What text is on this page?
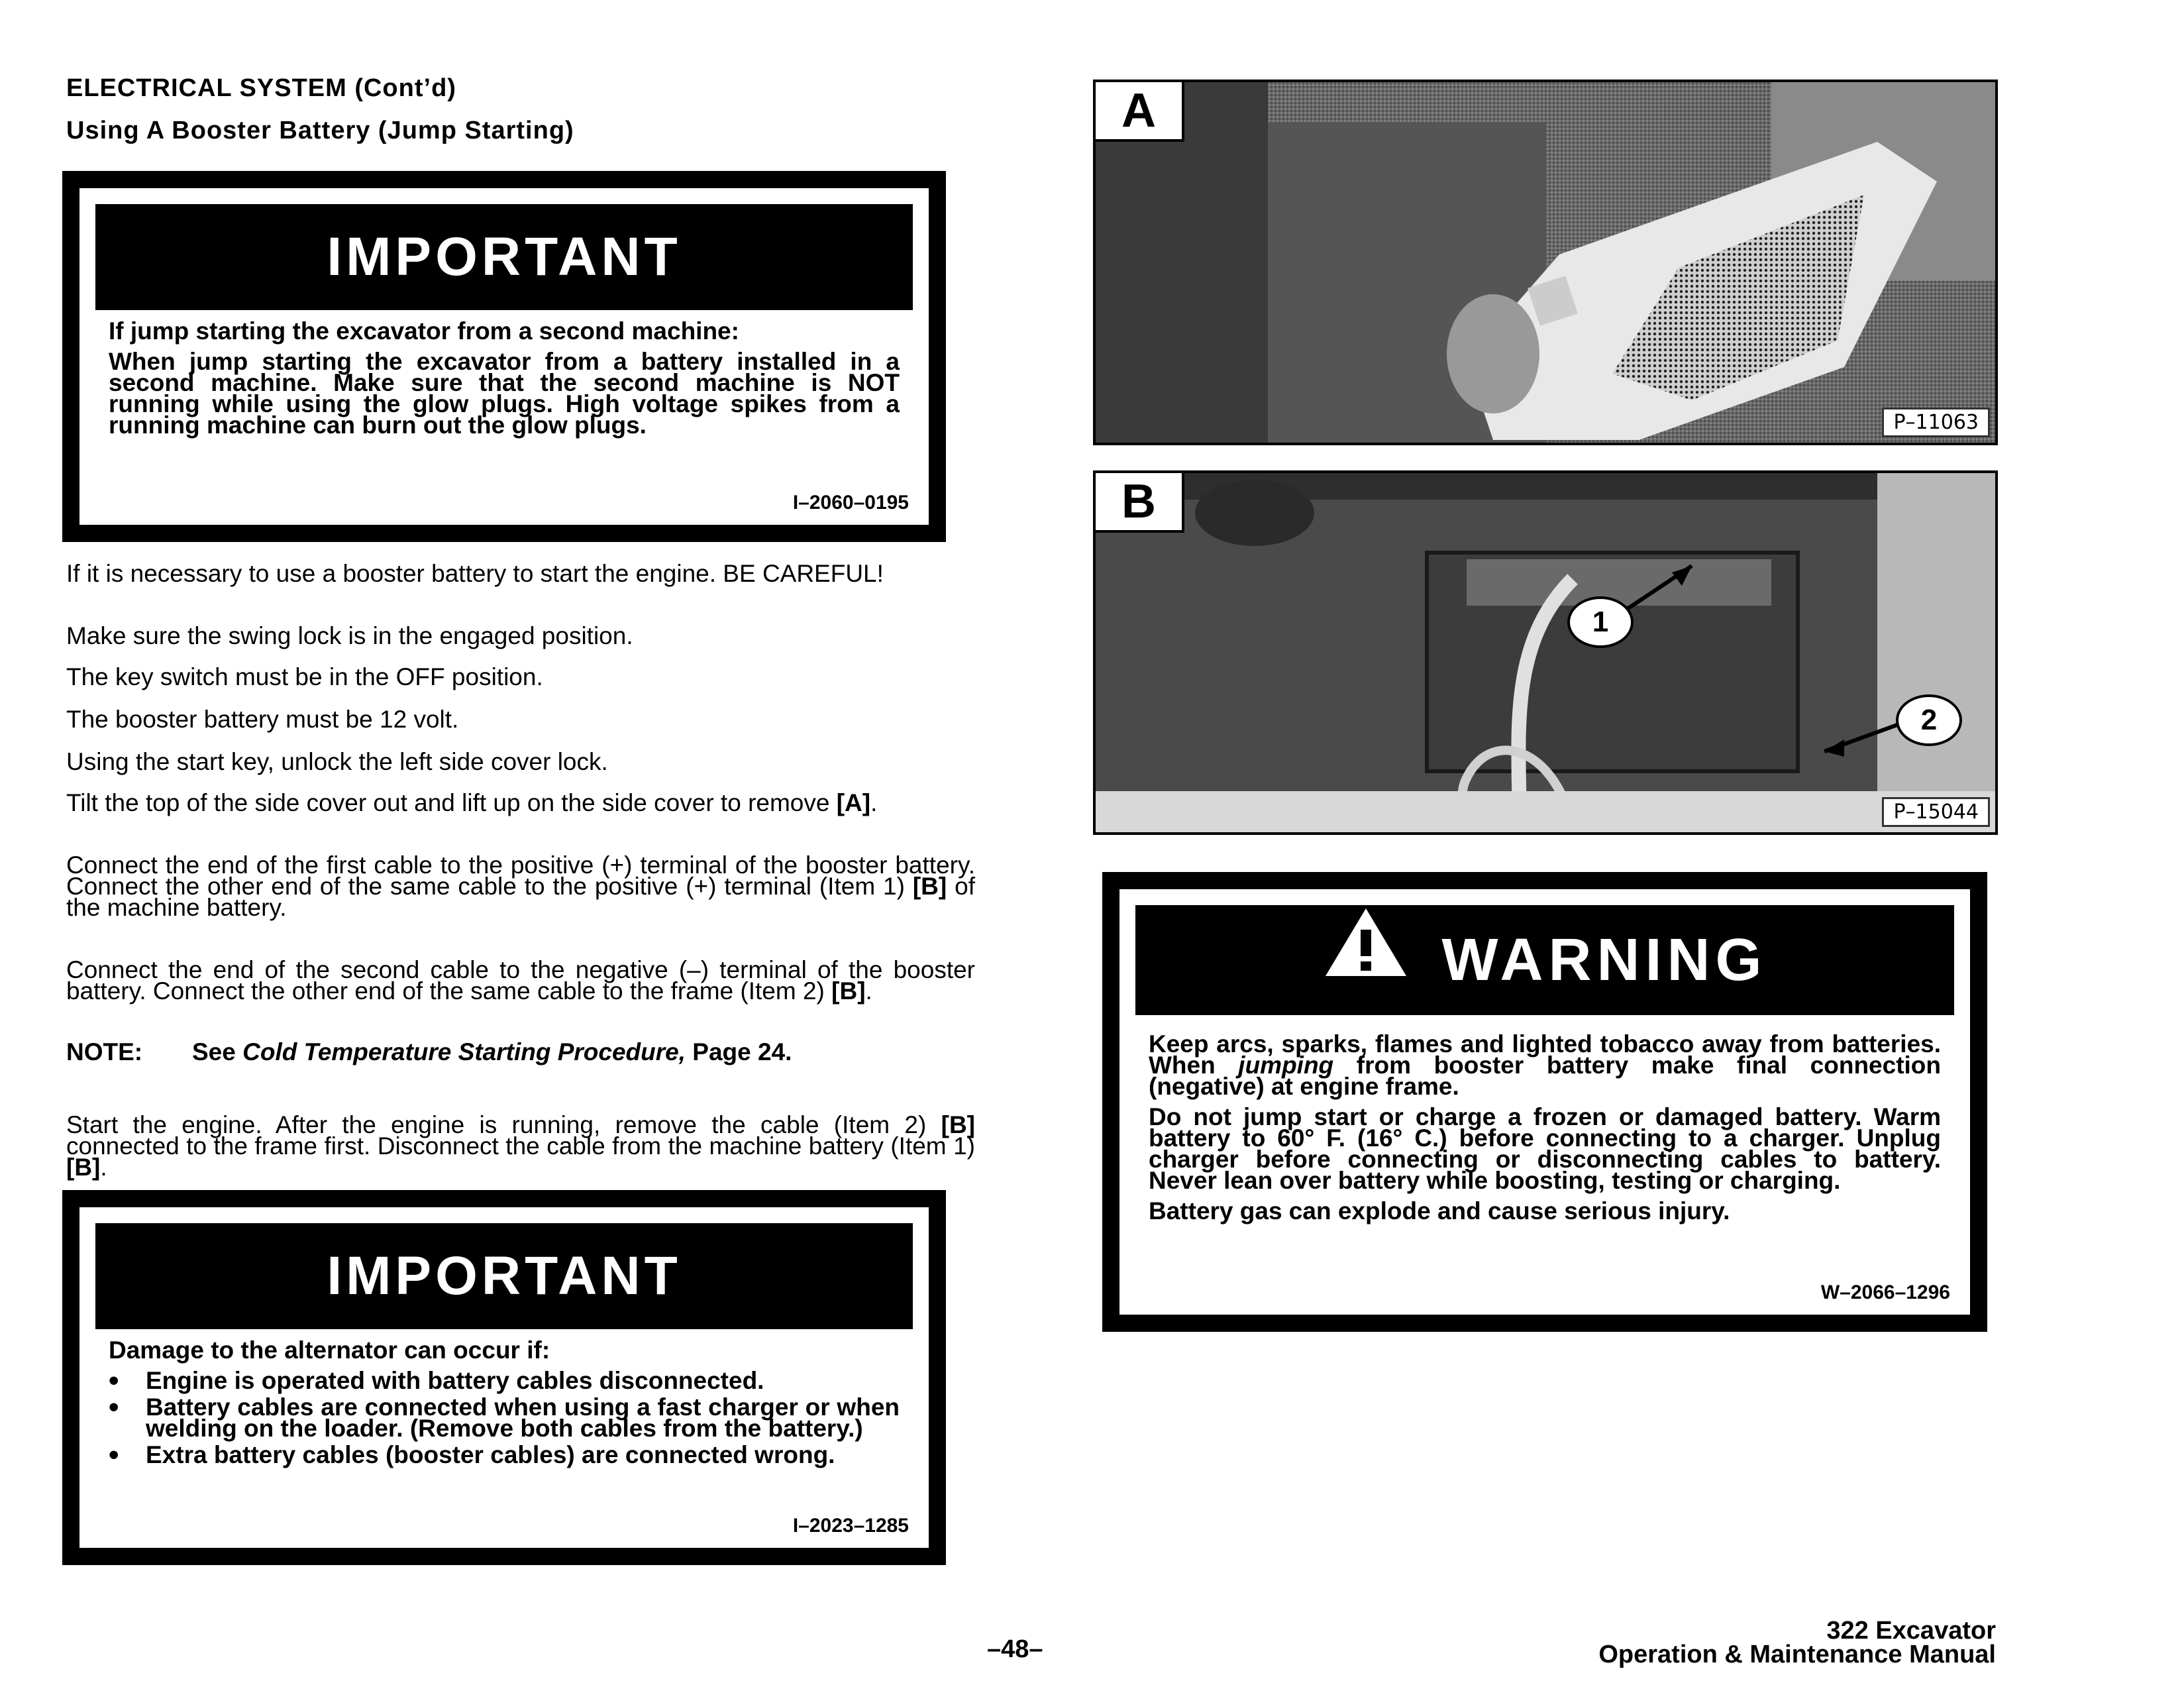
ELECTRICAL SYSTEM (Cont’d)
Using A Booster Battery (Jump Starting)
IMPORTANT

If jump starting the excavator from a second machine:

When jump starting the excavator from a battery installed in a second machine. Make sure that the second machine is NOT running while using the glow plugs. High voltage spikes from a running machine can burn out the glow plugs.

I–2060–0195

If it is necessary to use a booster battery to start the engine. BE CAREFUL!

Make sure the swing lock is in the engaged position.

The key switch must be in the OFF position.

The booster battery must be 12 volt.

Using the start key, unlock the left side cover lock.

Tilt the top of the side cover out and lift up on the side cover to remove [A].

Connect the end of the first cable to the positive (+) terminal of the booster battery. Connect the other end of the same cable to the positive (+) terminal (Item 1) [B] of the machine battery.

Connect the end of the second cable to the negative (–) terminal of the booster battery. Connect the other end of the same cable to the frame (Item 2) [B].

NOTE: See Cold Temperature Starting Procedure, Page 24.

Start the engine. After the engine is running, remove the cable (Item 2) [B] connected to the frame first. Disconnect the cable from the machine battery (Item 1) [B].

IMPORTANT

Damage to the alternator can occur if:

• Engine is operated with battery cables disconnected.
• Battery cables are connected when using a fast charger or when welding on the loader. (Remove both cables from the battery.)
• Extra battery cables (booster cables) are connected wrong.
I–2023–1285
A
P–11063
B
1
2
P–15044
WARNING

Keep arcs, sparks, flames and lighted tobacco away from batteries. When jumping from booster battery make final connection (negative) at engine frame.

Do not jump start or charge a frozen or damaged battery. Warm battery to 60° F. (16° C.) before connecting to a charger. Unplug charger before connecting or disconnecting cables to battery. Never lean over battery while boosting, testing or charging.

Battery gas can explode and cause serious injury.

W–2066–1296
–48–
322 Excavator
Operation & Maintenance Manual
